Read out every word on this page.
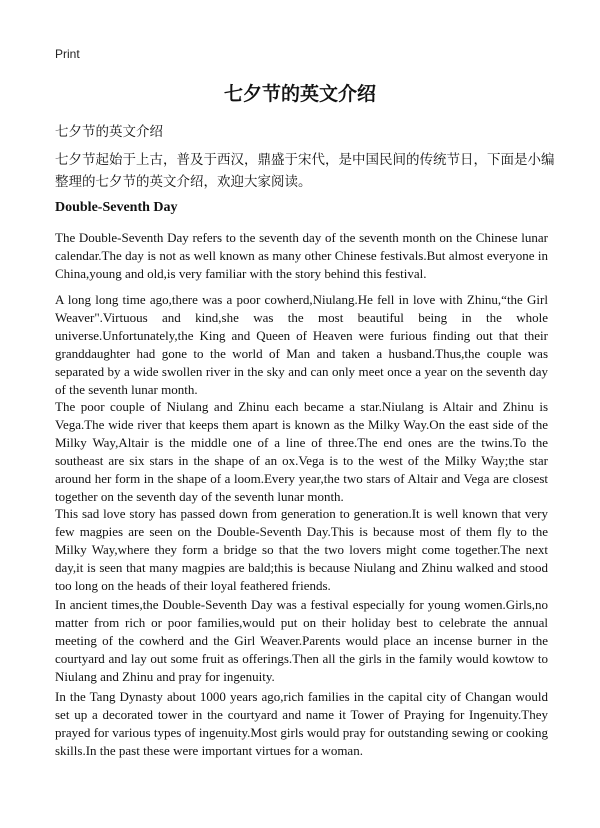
Print
七夕节的英文介绍
七夕节的英文介绍
七夕节起始于上古，普及于西汉，鼎盛于宋代，是中国民间的传统节日，下面是小编整理的七夕节的英文介绍，欢迎大家阅读。
Double-Seventh Day
The Double-Seventh Day refers to the seventh day of the seventh month on the Chinese lunar calendar.The day is not as well known as many other Chinese festivals.But almost everyone in China,young and old,is very familiar with the story behind this festival.
A long long time ago,there was a poor cowherd,Niulang.He fell in love with Zhinu,“the Girl Weaver".Virtuous and kind,she was the most beautiful being in the whole universe.Unfortunately,the King and Queen of Heaven were furious finding out that their granddaughter had gone to the world of Man and taken a husband.Thus,the couple was separated by a wide swollen river in the sky and can only meet once a year on the seventh day of the seventh lunar month.
The poor couple of Niulang and Zhinu each became a star.Niulang is Altair and Zhinu is Vega.The wide river that keeps them apart is known as the Milky Way.On the east side of the Milky Way,Altair is the middle one of a line of three.The end ones are the twins.To the southeast are six stars in the shape of an ox.Vega is to the west of the Milky Way;the star around her form in the shape of a loom.Every year,the two stars of Altair and Vega are closest together on the seventh day of the seventh lunar month.
This sad love story has passed down from generation to generation.It is well known that very few magpies are seen on the Double-Seventh Day.This is because most of them fly to the Milky Way,where they form a bridge so that the two lovers might come together.The next day,it is seen that many magpies are bald;this is because Niulang and Zhinu walked and stood too long on the heads of their loyal feathered friends.
In ancient times,the Double-Seventh Day was a festival especially for young women.Girls,no matter from rich or poor families,would put on their holiday best to celebrate the annual meeting of the cowherd and the Girl Weaver.Parents would place an incense burner in the courtyard and lay out some fruit as offerings.Then all the girls in the family would kowtow to Niulang and Zhinu and pray for ingenuity.
In the Tang Dynasty about 1000 years ago,rich families in the capital city of Changan would set up a decorated tower in the courtyard and name it Tower of Praying for Ingenuity.They prayed for various types of ingenuity.Most girls would pray for outstanding sewing or cooking skills.In the past these were important virtues for a woman.
